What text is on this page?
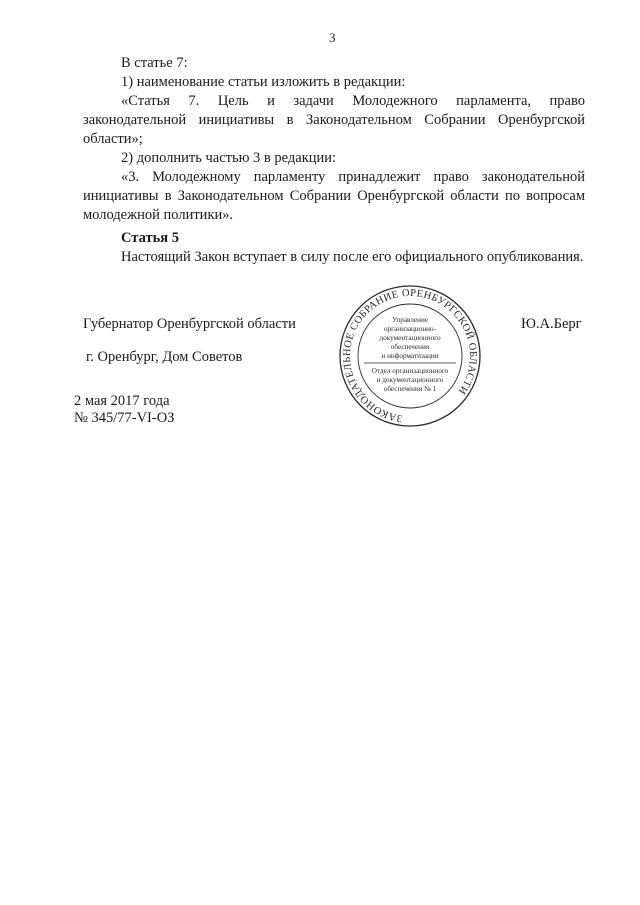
3
В статье 7:
1) наименование статьи изложить в редакции:
«Статья 7. Цель и задачи Молодежного парламента, право законодательной инициативы в Законодательном Собрании Оренбургской области»;
2) дополнить частью 3 в редакции:
«3. Молодежному парламенту принадлежит право законодательной инициативы в Законодательном Собрании Оренбургской области по вопросам молодежной политики».
Статья 5
Настоящий Закон вступает в силу после его официального опубликования.
Губернатор Оренбургской области	Ю.А.Берг
г. Оренбург, Дом Советов
2 мая 2017 года
№ 345/77-VI-ОЗ	ЗАКОНОДАТЕЛЬНОЕ СОБРАНИЕ ОРЕНБУРГСКОЙ ОБЛАСТИ
Управление
организационно-
документационного
обеспечения
и информатизации
Отдел организационного
и документационного
обеспечения № 1
